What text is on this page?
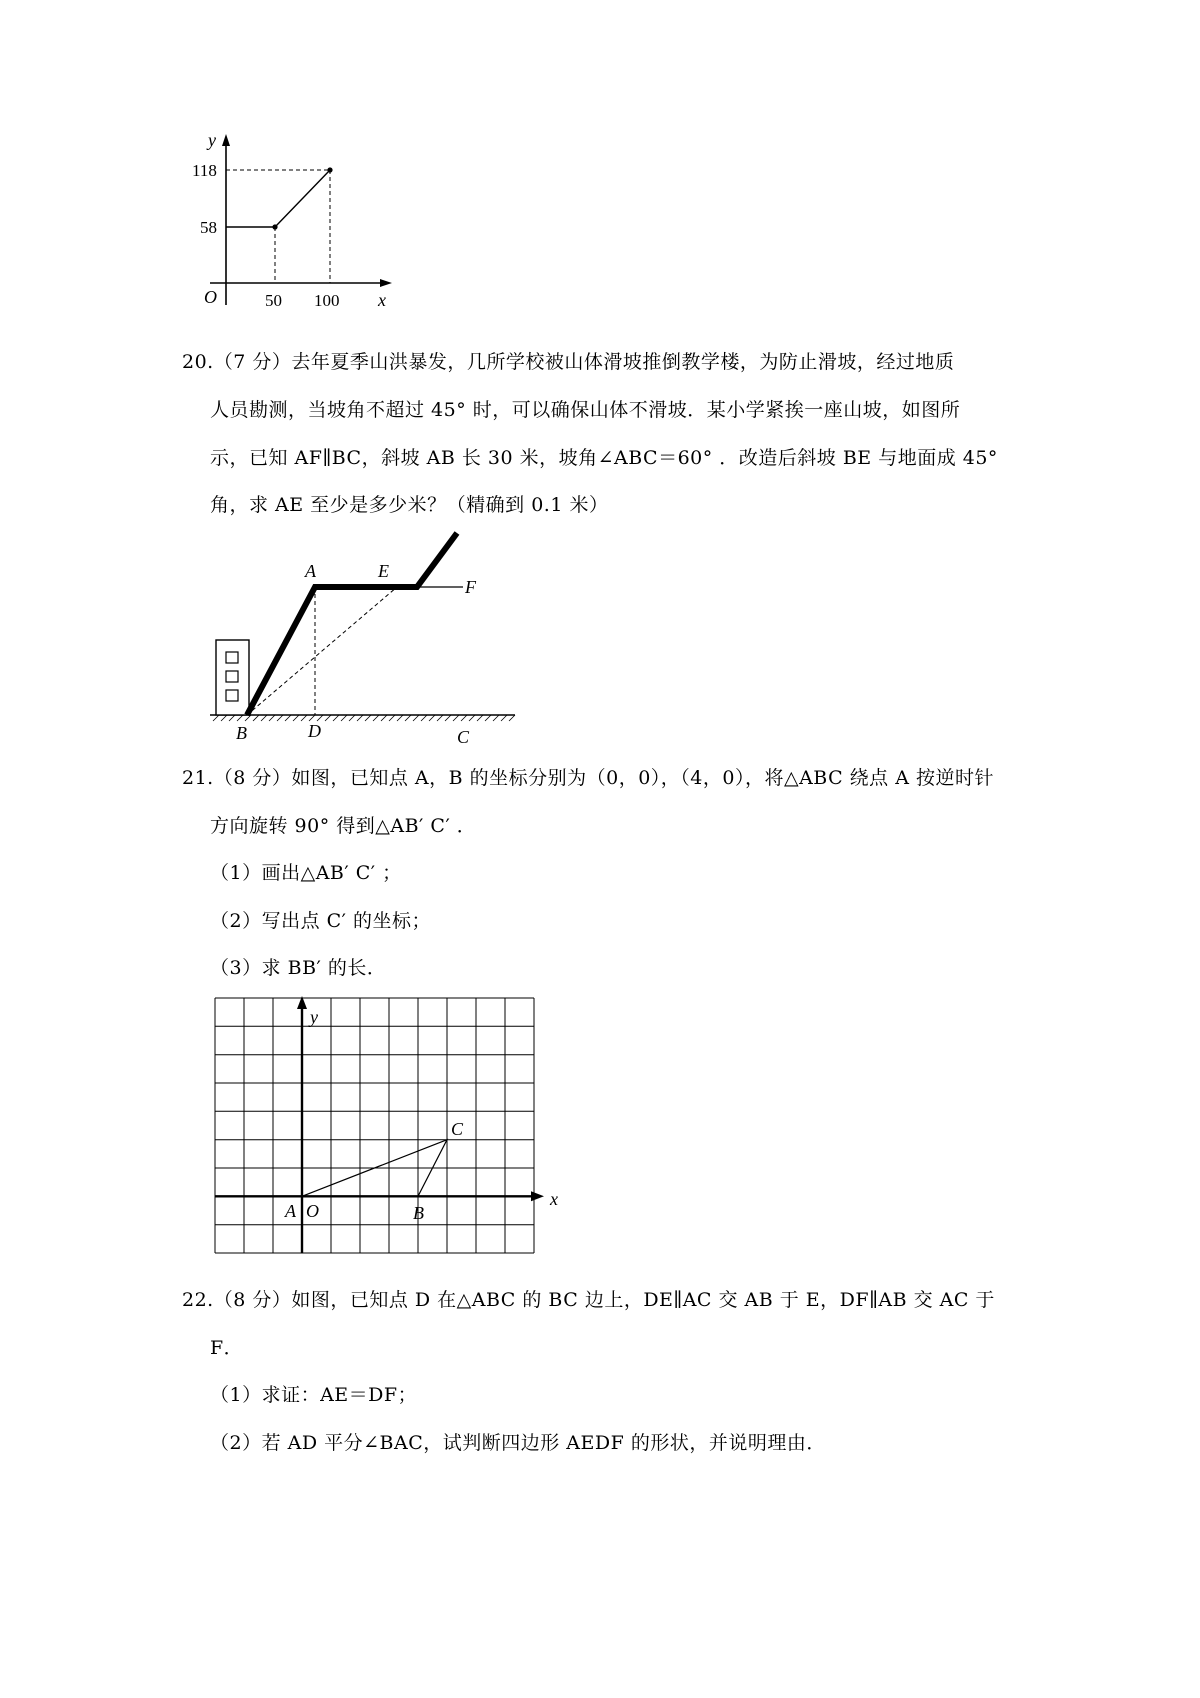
y
118
58
O	50 100 x
20.（7 分）去年夏季山洪暴发，几所学校被山体滑坡推倒教学楼，为防止滑坡，经过地质
人员勘测，当坡角不超过 45° 时，可以确保山体不滑坡．某小学紧挨一座山坡，如图所
示，已知 AF∥BC，斜坡 AB 长 30 米，坡角∠ABC＝60° ．改造后斜坡 BE 与地面成 45°
角，求 AE 至少是多少米？（精确到 0.1 米）
A	E
F
B	D	C
21.（8 分）如图，已知点 A，B 的坐标分别为（0，0），（4，0），将△ABC 绕点 A 按逆时针
方向旋转 90° 得到△AB′ C′ ．
（1）画出△AB′ C′ ；
（2）写出点 C′ 的坐标；
（3）求 BB′ 的长．
y
x
A O	B
C
22.（8 分）如图，已知点 D 在△ABC 的 BC 边上，DE∥AC 交 AB 于 E，DF∥AB 交 AC 于
F．
（1）求证：AE＝DF；
（2）若 AD 平分∠BAC，试判断四边形 AEDF 的形状，并说明理由．
